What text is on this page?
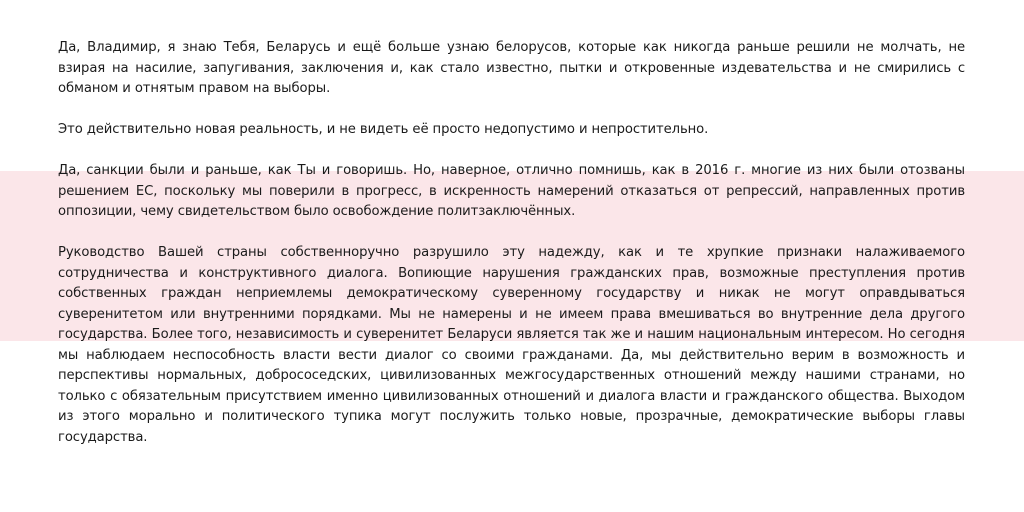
Да, Владимир, я знаю Тебя, Беларусь и ещё больше узнаю белорусов, которые как никогда раньше решили не молчать, не взирая на насилие, запугивания, заключения и, как стало известно, пытки и откровенные издевательства и не смирились с обманом и отнятым правом на выборы.

Это действительно новая реальность, и не видеть её просто недопустимо и непростительно.

Да, санкции были и раньше, как Ты и говоришь. Но, наверное, отлично помнишь, как в 2016 г. многие из них были отозваны решением ЕС, поскольку мы поверили в прогресс, в искренность намерений отказаться от репрессий, направленных против оппозиции, чему свидетельством было освобождение политзаключённых.

Руководство Вашей страны собственноручно разрушило эту надежду, как и те хрупкие признаки налаживаемого сотрудничества и конструктивного диалога. Вопиющие нарушения гражданских прав, возможные преступления против собственных граждан неприемлемы демократическому суверенному государству и никак не могут оправдываться суверенитетом или внутренними порядками. Мы не намерены и не имеем права вмешиваться во внутренние дела другого государства. Более того, независимость и суверенитет Беларуси является так же и нашим национальным интересом. Но сегодня мы наблюдаем неспособность власти вести диалог со своими гражданами. Да, мы действительно верим в возможность и перспективы нормальных, добрососедских, цивилизованных межгосударственных отношений между нашими странами, но только с обязательным присутствием именно цивилизованных отношений и диалога власти и гражданского общества. Выходом из этого морально и политического тупика могут послужить только новые, прозрачные, демократические выборы главы государства.
